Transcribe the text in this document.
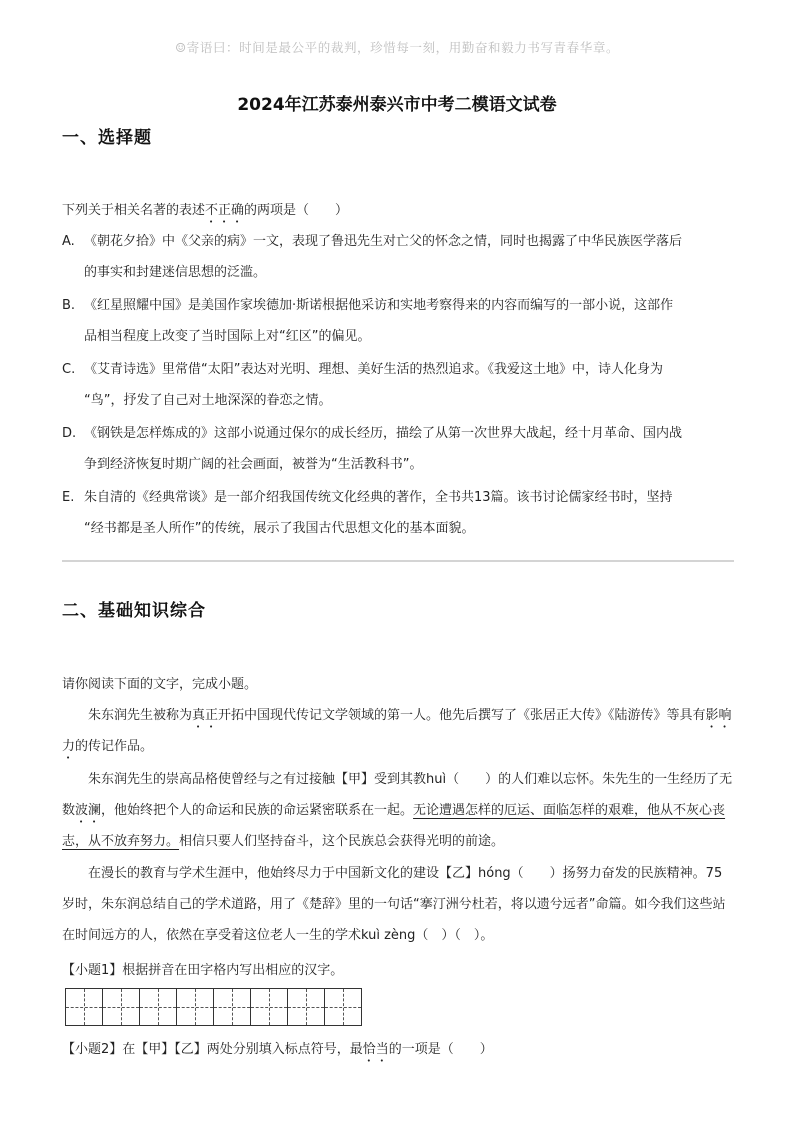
☺寄语曰：时间是最公平的裁判，珍惜每一刻，用勤奋和毅力书写青春华章。
2024年江苏泰州泰兴市中考二模语文试卷
一、选择题
下列关于相关名著的表述不正确的两项是（　　）
A. 《朝花夕拾》中《父亲的病》一文，表现了鲁迅先生对亡父的怀念之情，同时也揭露了中华民族医学落后
的事实和封建迷信思想的泛滥。
B. 《红星照耀中国》是美国作家埃德加·斯诺根据他采访和实地考察得来的内容而编写的一部小说，这部作
品相当程度上改变了当时国际上对“红区”的偏见。
C. 《艾青诗选》里常借“太阳”表达对光明、理想、美好生活的热烈追求。《我爱这土地》中，诗人化身为
“鸟”，抒发了自己对土地深深的眷恋之情。
D. 《钢铁是怎样炼成的》这部小说通过保尔的成长经历，描绘了从第一次世界大战起，经十月革命、国内战
争到经济恢复时期广阔的社会画面，被誉为“生活教科书”。
E. 朱自清的《经典常谈》是一部介绍我国传统文化经典的著作，全书共13篇。该书讨论儒家经书时，坚持
“经书都是圣人所作”的传统，展示了我国古代思想文化的基本面貌。
二、基础知识综合
请你阅读下面的文字，完成小题。
朱东润先生被称为真正开拓中国现代传记文学领域的第一人。他先后撰写了《张居正大传》《陆游传》等具有影响力的传记作品。
朱东润先生的崇高品格使曾经与之有过接触【甲】受到其教huì（　　）的人们难以忘怀。朱先生的一生经历了无数波澜，他始终把个人的命运和民族的命运紧密联系在一起。无论遭遇怎样的厄运、面临怎样的艰难，他从不灰心丧志，从不放弃努力。相信只要人们坚持奋斗，这个民族总会获得光明的前途。
在漫长的教育与学术生涯中，他始终尽力于中国新文化的建设【乙】hóng（　　）扬努力奋发的民族精神。75岁时，朱东润总结自己的学术道路，用了《楚辞》里的一句话“搴汀洲兮杜若，将以遗兮远者”命篇。如今我们这些站在时间远方的人，依然在享受着这位老人一生的学术kuì zèng（　）（　）。
【小题1】根据拼音在田字格内写出相应的汉字。
【小题2】在【甲】【乙】两处分别填入标点符号，最恰当的一项是（　　）
